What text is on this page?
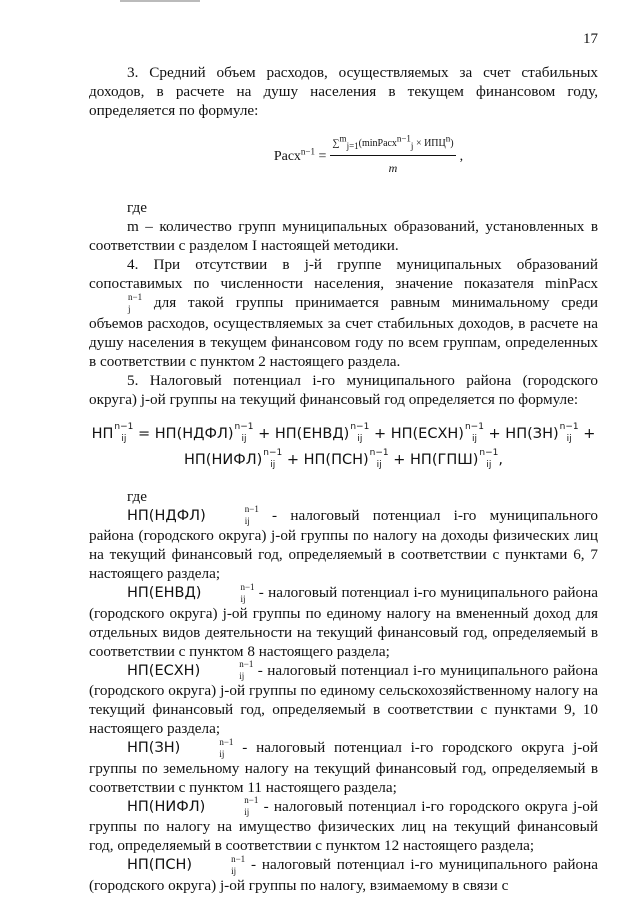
17

3. Средний объем расходов, осуществляемых за счет стабильных доходов, в расчете на душу населения в текущем финансовом году, определяется по формуле:

Расх$^{n-1}$ = $\frac{\sum^m_{j=1}(\min Расх^{n-1}_j \times ИПЦ^n)}{m}$ ,

где

m – количество групп муниципальных образований, установленных в соответствии с разделом I настоящей методики.

4. При отсутствии в j-й группе муниципальных образований сопоставимых по численности населения, значение показателя minРасх
n−1
j для такой группы принимается равным минимальному среди объемов расходов, осуществляемых за счет стабильных доходов, в расчете на душу населения в текущем финансовом году по всем группам, определенных в соответствии с пунктом 2 настоящего раздела.

5. Налоговый потенциал i-го муниципального района (городского округа) j-ой группы на текущий финансовый год определяется по формуле:

НП n−1
ij = НП(НДФЛ) n−1
ij + НП(ЕНВД) n−1
ij + НП(ЕСХН) n−1
ij + НП(ЗН) n−1
ij +
НП(НИФЛ) n−1
ij + НП(ПСН) n−1
ij + НП(ГПШ) n−1
ij ,

где

НП(НДФЛ)	n−1
ij - налоговый потенциал i-го муниципального района (городского округа) j-ой группы по налогу на доходы физических лиц на текущий финансовый год, определяемый в соответствии с пунктами 6, 7 настоящего раздела;

НП(ЕНВД)	n−1
ij - налоговый потенциал i-го муниципального района (городского округа) j-ой группы по единому налогу на вмененный доход для отдельных видов деятельности на текущий финансовый год, определяемый в соответствии с пунктом 8 настоящего раздела;

НП(ЕСХН)	n−1
ij - налоговый потенциал i-го муниципального района (городского округа) j-ой группы по единому сельскохозяйственному налогу на текущий финансовый год, определяемый в соответствии с пунктами 9, 10 настоящего раздела;

НП(ЗН)	n−1
ij - налоговый потенциал i-го городского округа j-ой группы по земельному налогу на текущий финансовый год, определяемый в соответствии с пунктом 11 настоящего раздела;

НП(НИФЛ)	n−1
ij - налоговый потенциал i-го городского округа j-ой группы по налогу на имущество физических лиц на текущий финансовый год, определяемый в соответствии с пунктом 12 настоящего раздела;

НП(ПСН)	n−1
ij - налоговый потенциал i-го муниципального района (городского округа) j-ой группы по налогу, взимаемому в связи с
